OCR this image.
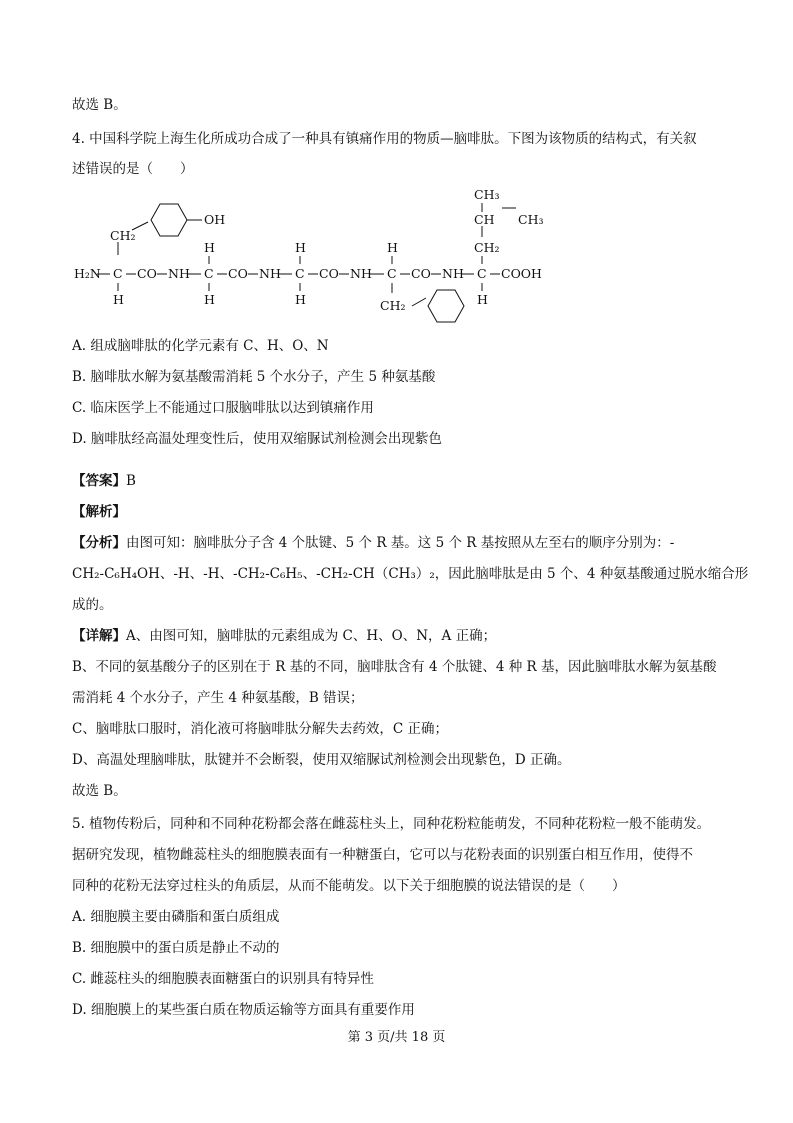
故选 B。
4. 中国科学院上海生化所成功合成了一种具有镇痛作用的物质—脑啡肽。下图为该物质的结构式，有关叙
述错误的是（　　）
CH₂
OH
CH₃
CH CH₃
CH₂
H	H	H
H₂N C CO NH C CO NH C CO NH C CO NH C COOH
H	H	H	CH₂	H
A. 组成脑啡肽的化学元素有 C、H、O、N
B. 脑啡肽水解为氨基酸需消耗 5 个水分子，产生 5 种氨基酸
C. 临床医学上不能通过口服脑啡肽以达到镇痛作用
D. 脑啡肽经高温处理变性后，使用双缩脲试剂检测会出现紫色
【答案】B
【解析】
【分析】由图可知：脑啡肽分子含 4 个肽键、5 个 R 基。这 5 个 R 基按照从左至右的顺序分别为：-
CH₂-C₆H₄OH、-H、-H、-CH₂-C₆H₅、-CH₂-CH（CH₃）₂，因此脑啡肽是由 5 个、4 种氨基酸通过脱水缩合形
成的。
【详解】A、由图可知，脑啡肽的元素组成为 C、H、O、N，A 正确；
B、不同的氨基酸分子的区别在于 R 基的不同，脑啡肽含有 4 个肽键、4 种 R 基，因此脑啡肽水解为氨基酸
需消耗 4 个水分子，产生 4 种氨基酸，B 错误；
C、脑啡肽口服时，消化液可将脑啡肽分解失去药效，C 正确；
D、高温处理脑啡肽，肽键并不会断裂，使用双缩脲试剂检测会出现紫色，D 正确。
故选 B。
5. 植物传粉后，同种和不同种花粉都会落在雌蕊柱头上，同种花粉粒能萌发，不同种花粉粒一般不能萌发。
据研究发现，植物雌蕊柱头的细胞膜表面有一种糖蛋白，它可以与花粉表面的识别蛋白相互作用，使得不
同种的花粉无法穿过柱头的角质层，从而不能萌发。以下关于细胞膜的说法错误的是（　　）
A. 细胞膜主要由磷脂和蛋白质组成
B. 细胞膜中的蛋白质是静止不动的
C. 雌蕊柱头的细胞膜表面糖蛋白的识别具有特异性
D. 细胞膜上的某些蛋白质在物质运输等方面具有重要作用
第 3 页/共 18 页
